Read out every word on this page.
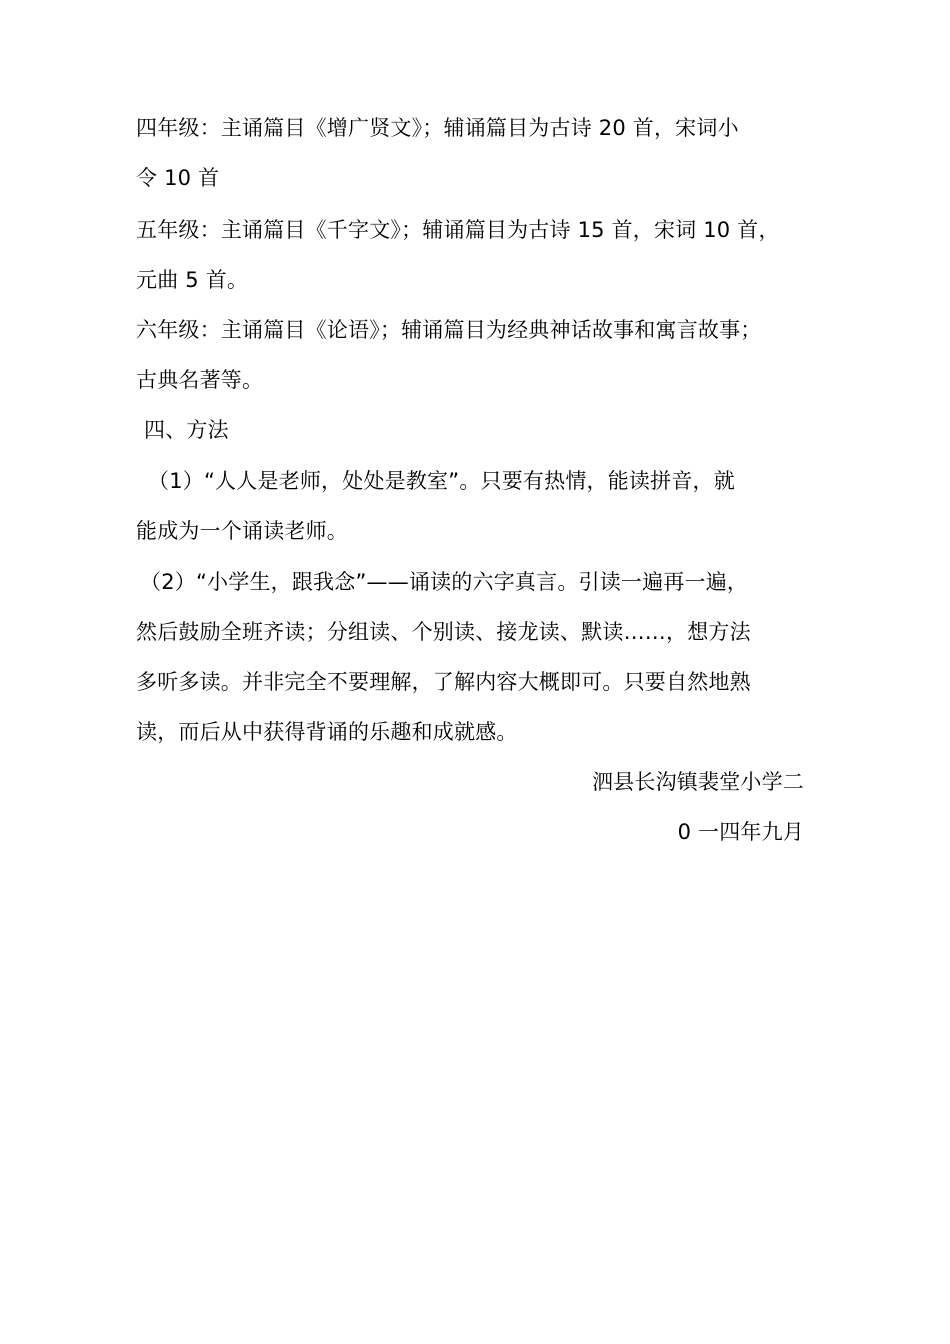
四年级：主诵篇目《增广贤文》；辅诵篇目为古诗 20 首，宋词小
令 10 首
五年级：主诵篇目《千字文》；辅诵篇目为古诗 15 首，宋词 10 首，
元曲 5 首。
六年级：主诵篇目《论语》；辅诵篇目为经典神话故事和寓言故事；
古典名著等。
四、方法
（1）“人人是老师，处处是教室”。只要有热情，能读拼音，就
能成为一个诵读老师。
（2）“小学生，跟我念”——诵读的六字真言。引读一遍再一遍，
然后鼓励全班齐读；分组读、个别读、接龙读、默读……，想方法
多听多读。并非完全不要理解，了解内容大概即可。只要自然地熟
读，而后从中获得背诵的乐趣和成就感。
泗县长沟镇裴堂小学二
0 一四年九月
